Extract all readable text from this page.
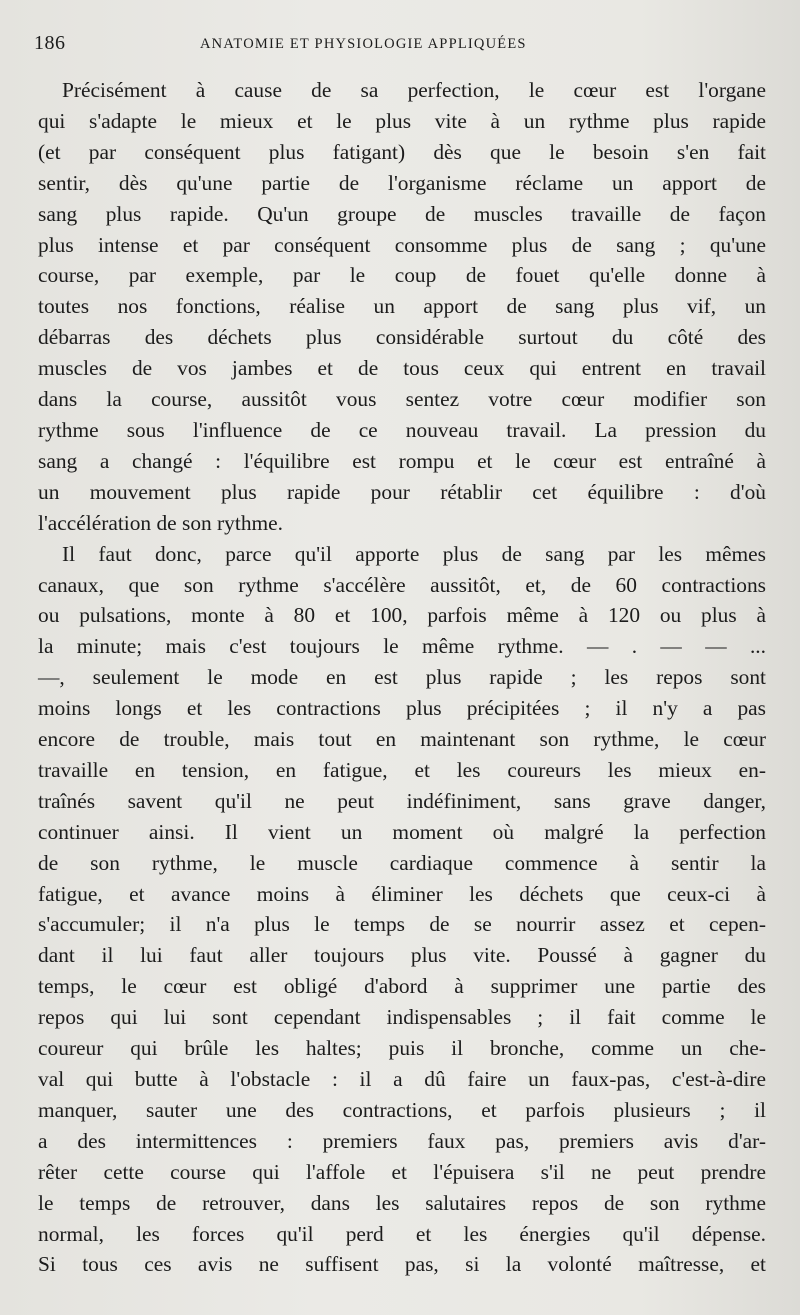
186	ANATOMIE ET PHYSIOLOGIE APPLIQUÉES
Précisément à cause de sa perfection, le cœur est l'organe
qui s'adapte le mieux et le plus vite à un rythme plus rapide
(et par conséquent plus fatigant) dès que le besoin s'en fait
sentir, dès qu'une partie de l'organisme réclame un apport de
sang plus rapide. Qu'un groupe de muscles travaille de façon
plus intense et par conséquent consomme plus de sang ; qu'une
course, par exemple, par le coup de fouet qu'elle donne à
toutes nos fonctions, réalise un apport de sang plus vif, un
débarras des déchets plus considérable surtout du côté des
muscles de vos jambes et de tous ceux qui entrent en travail
dans la course, aussitôt vous sentez votre cœur modifier son
rythme sous l'influence de ce nouveau travail. La pression du
sang a changé : l'équilibre est rompu et le cœur est entraîné à
un mouvement plus rapide pour rétablir cet équilibre : d'où
l'accélération de son rythme.
Il faut donc, parce qu'il apporte plus de sang par les mêmes
canaux, que son rythme s'accélère aussitôt, et, de 60 contractions
ou pulsations, monte à 80 et 100, parfois même à 120 ou plus à
la minute; mais c'est toujours le même rythme. — . — — ...
—, seulement le mode en est plus rapide ; les repos sont
moins longs et les contractions plus précipitées ; il n'y a pas
encore de trouble, mais tout en maintenant son rythme, le cœur
travaille en tension, en fatigue, et les coureurs les mieux en-
traînés savent qu'il ne peut indéfiniment, sans grave danger,
continuer ainsi. Il vient un moment où malgré la perfection
de son rythme, le muscle cardiaque commence à sentir la
fatigue, et avance moins à éliminer les déchets que ceux-ci à
s'accumuler; il n'a plus le temps de se nourrir assez et cepen-
dant il lui faut aller toujours plus vite. Poussé à gagner du
temps, le cœur est obligé d'abord à supprimer une partie des
repos qui lui sont cependant indispensables ; il fait comme le
coureur qui brûle les haltes; puis il bronche, comme un che-
val qui butte à l'obstacle : il a dû faire un faux-pas, c'est-à-dire
manquer, sauter une des contractions, et parfois plusieurs ; il
a des intermittences : premiers faux pas, premiers avis d'ar-
rêter cette course qui l'affole et l'épuisera s'il ne peut prendre
le temps de retrouver, dans les salutaires repos de son rythme
normal, les forces qu'il perd et les énergies qu'il dépense.
Si tous ces avis ne suffisent pas, si la volonté maîtresse, et
